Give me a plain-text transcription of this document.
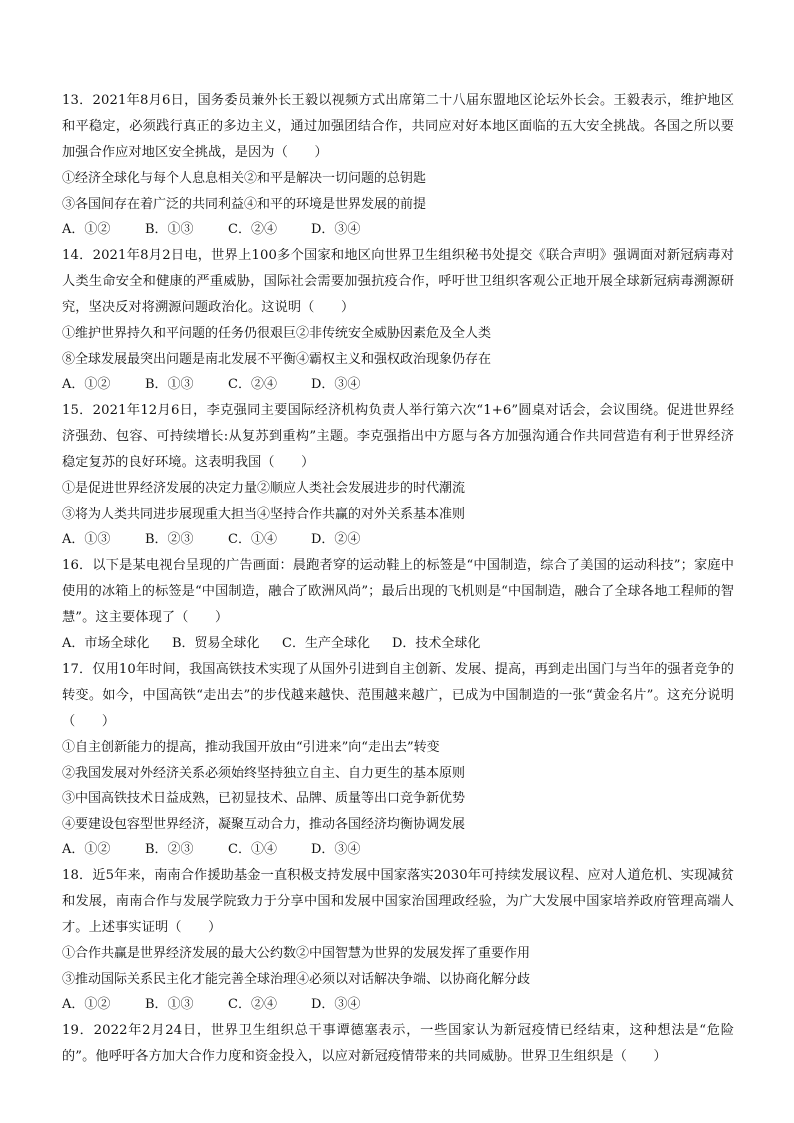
13．2021年8月6日，国务委员兼外长王毅以视频方式出席第二十八届东盟地区论坛外长会。王毅表示，维护地区和平稳定，必须践行真正的多边主义，通过加强团结合作，共同应对好本地区面临的五大安全挑战。各国之所以要加强合作应对地区安全挑战，是因为（　　）

①经济全球化与每个人息息相关②和平是解决一切问题的总钥匙

③各国间存在着广泛的共同利益④和平的环境是世界发展的前提

A．①②	B．①③	C．②④	D．③④

14．2021年8月2日电，世界上100多个国家和地区向世界卫生组织秘书处提交《联合声明》强调面对新冠病毒对人类生命安全和健康的严重威胁，国际社会需要加强抗疫合作，呼吁世卫组织客观公正地开展全球新冠病毒溯源研究，坚决反对将溯源问题政治化。这说明（　　）

①维护世界持久和平问题的任务仍很艰巨②非传统安全威胁因素危及全人类

⑧全球发展最突出问题是南北发展不平衡④霸权主义和强权政治现象仍存在

A．①②	B．①③	C．②④	D．③④

15．2021年12月6日，李克强同主要国际经济机构负责人举行第六次“1+6”圆桌对话会，会议围绕。促进世界经济强劲、包容、可持续增长:从复苏到重构”主题。李克强指出中方愿与各方加强沟通合作共同营造有利于世界经济稳定复苏的良好环境。这表明我国（　　）

①是促进世界经济发展的决定力量②顺应人类社会发展进步的时代潮流

③将为人类共同进步展现重大担当④坚持合作共赢的对外关系基本准则

A．①③	B．②③	C．①④	D．②④

16．以下是某电视台呈现的广告画面：晨跑者穿的运动鞋上的标签是“中国制造，综合了美国的运动科技”；家庭中使用的冰箱上的标签是“中国制造，融合了欧洲风尚”；最后出现的飞机则是“中国制造，融合了全球各地工程师的智慧”。这主要体现了（　　）

A．市场全球化	B．贸易全球化	C．生产全球化	D．技术全球化

17．仅用10年时间，我国高铁技术实现了从国外引进到自主创新、发展、提高，再到走出国门与当年的强者竞争的转变。如今，中国高铁“走出去”的步伐越来越快、范围越来越广，已成为中国制造的一张“黄金名片”。这充分说明（　　）

①自主创新能力的提高，推动我国开放由“引进来”向“走出去”转变

②我国发展对外经济关系必须始终坚持独立自主、自力更生的基本原则

③中国高铁技术日益成熟，已初显技术、品牌、质量等出口竞争新优势

④要建设包容型世界经济，凝聚互动合力，推动各国经济均衡协调发展

A．①②	B．②③	C．①④	D．③④

18．近5年来，南南合作援助基金一直积极支持发展中国家落实2030年可持续发展议程、应对人道危机、实现减贫和发展，南南合作与发展学院致力于分享中国和发展中国家治国理政经验，为广大发展中国家培养政府管理高端人才。上述事实证明（　　）

①合作共赢是世界经济发展的最大公约数②中国智慧为世界的发展发挥了重要作用

③推动国际关系民主化才能完善全球治理④必须以对话解决争端、以协商化解分歧

A．①②	B．①③	C．②④	D．③④

19．2022年2月24日，世界卫生组织总干事谭德塞表示，一些国家认为新冠疫情已经结束，这种想法是“危险的”。他呼吁各方加大合作力度和资金投入，以应对新冠疫情带来的共同威胁。世界卫生组织是（　　）
